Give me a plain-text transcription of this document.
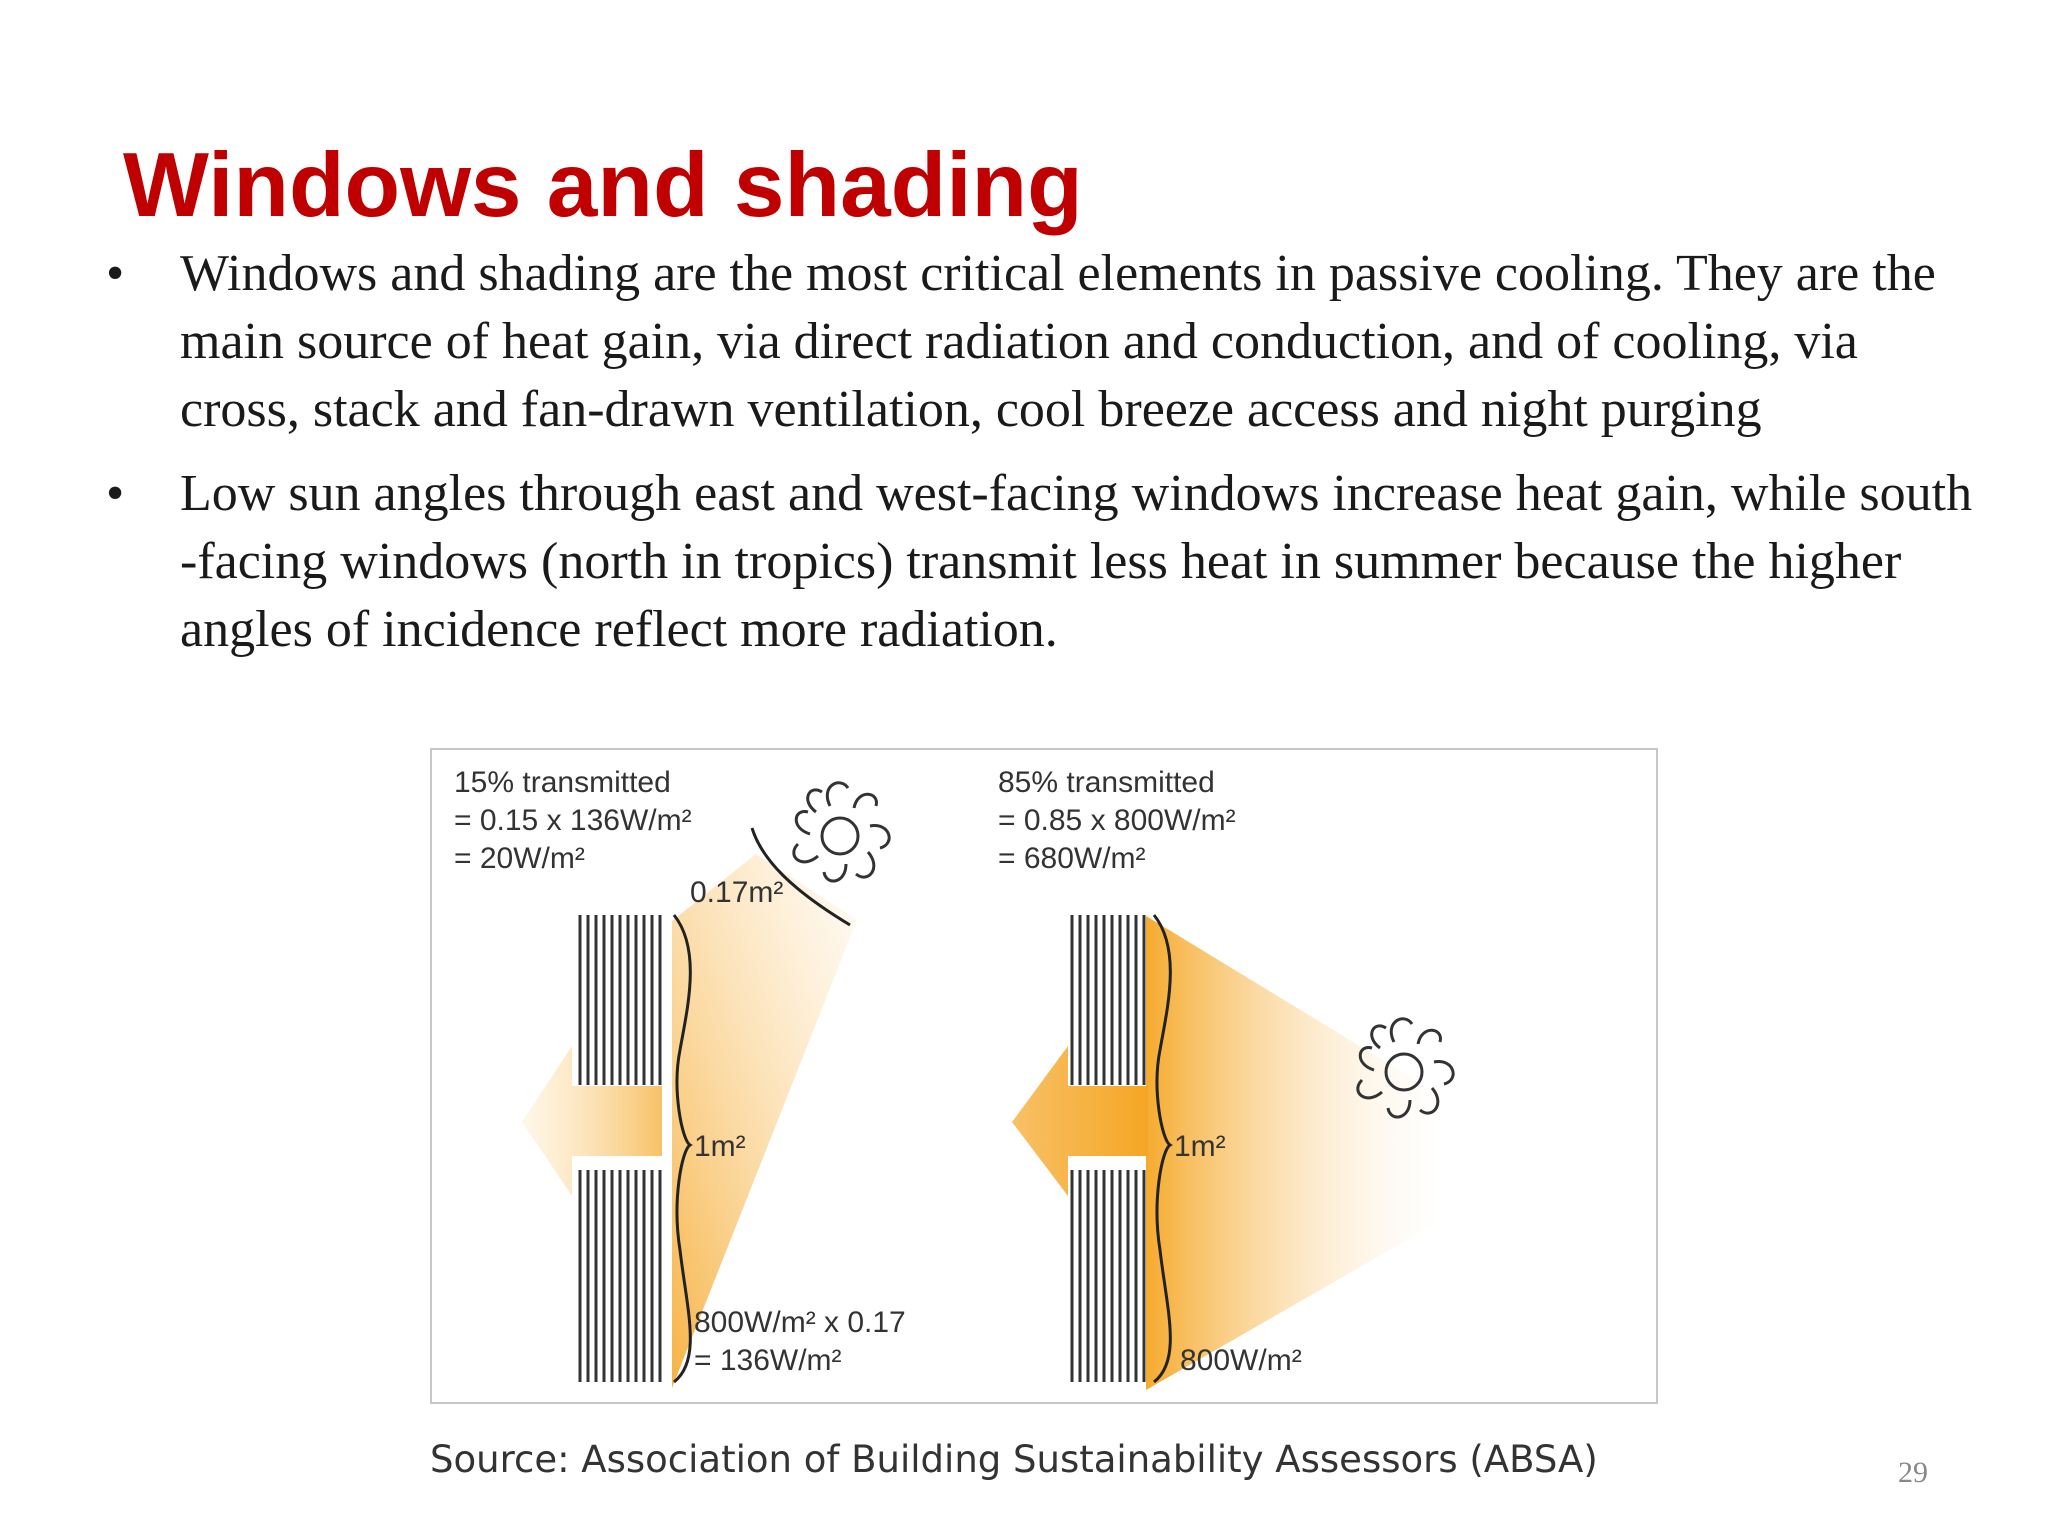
Windows and shading
• Windows and shading are the most critical elements in passive cooling. They are the main source of heat gain, via direct radiation and conduction, and of cooling, via cross, stack and fan-drawn ventilation, cool breeze access and night purging
• Low sun angles through east and west-facing windows increase heat gain, while south -facing windows (north in tropics) transmit less heat in summer because the higher angles of incidence reflect more radiation.
15% transmitted
= 0.15 x 136W/m²
= 20W/m²
0.17m²
1m²
800W/m² x 0.17
= 136W/m²
85% transmitted
= 0.85 x 800W/m²
= 680W/m²
1m²
800W/m²
Source: Association of Building Sustainability Assessors (ABSA)	29
